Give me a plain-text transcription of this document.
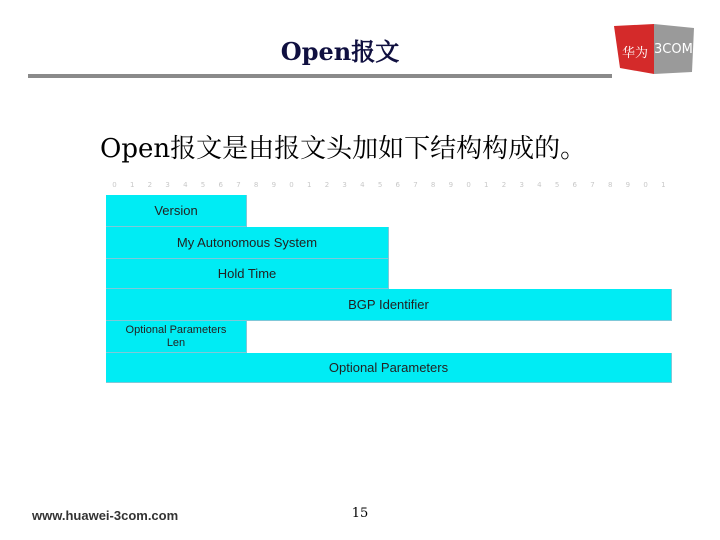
Open报文	华为 3COM
Open报文是由报文头加如下结构构成的。
0	1	2	3	4	5	6	7	8	9	0	1	2	3	4	5	6	7	8	9	0	1	2	3	4	5	6	7	8	9	0	1
Version
My Autonomous System
Hold Time
BGP Identifier
Optional Parameters
Len
Optional Parameters
www.huawei-3com.com	15
